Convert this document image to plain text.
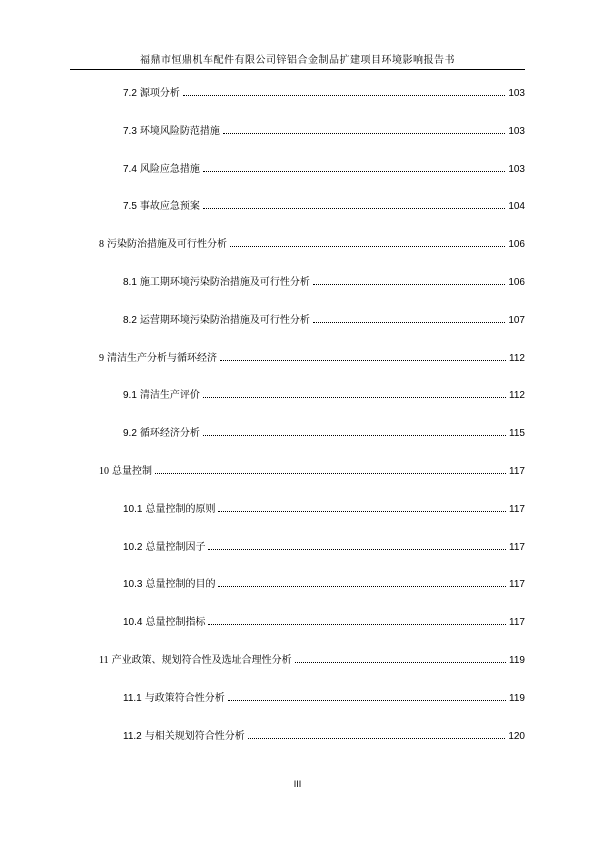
福鼎市恒鼎机车配件有限公司锌铝合金制品扩建项目环境影响报告书
7.2 源项分析	103
7.3 环境风险防范措施	103
7.4 风险应急措施	103
7.5 事故应急预案	104
8 污染防治措施及可行性分析	106
8.1 施工期环境污染防治措施及可行性分析	106
8.2 运营期环境污染防治措施及可行性分析	107
9 清洁生产分析与循环经济	112
9.1 清洁生产评价	112
9.2 循环经济分析	115
10 总量控制	117
10.1 总量控制的原则	117
10.2 总量控制因子	117
10.3 总量控制的目的	117
10.4 总量控制指标	117
11 产业政策、规划符合性及选址合理性分析	119
11.1 与政策符合性分析	119
11.2 与相关规划符合性分析	120
III
